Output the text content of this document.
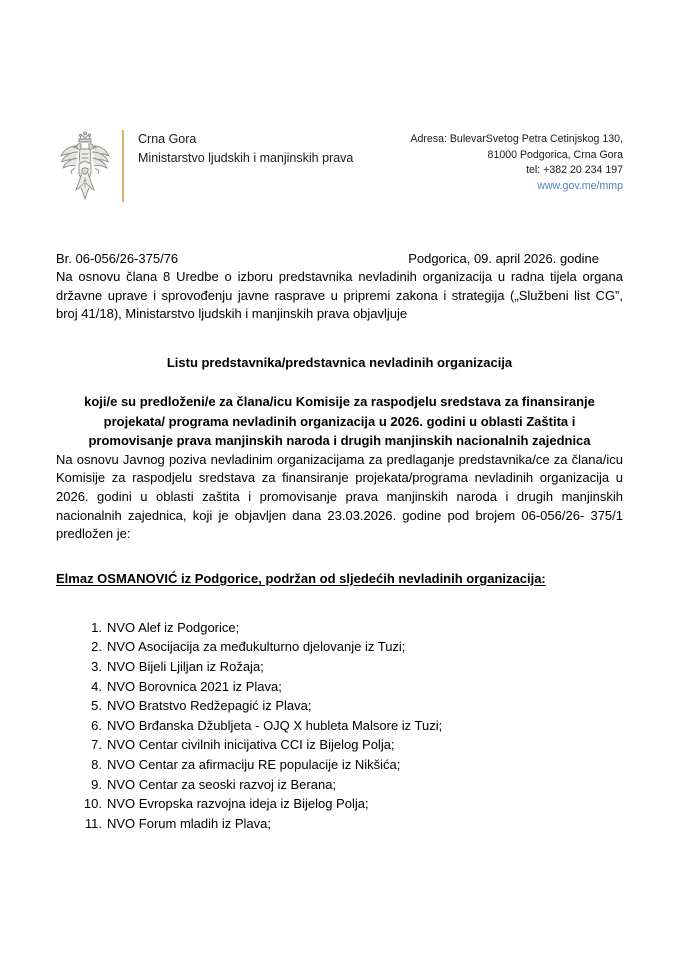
Crna Gora
Ministarstvo ljudskih i manjinskih prava
Adresa: BulevarSvetog Petra Cetinjskog 130,
81000 Podgorica, Crna Gora
tel: +382 20 234 197
www.gov.me/mmp
Br. 06-056/26-375/76	Podgorica, 09. april 2026. godine

Na osnovu člana 8 Uredbe o izboru predstavnika nevladinih organizacija u radna tijela organa državne uprave i sprovođenju javne rasprave u pripremi zakona i strategija („Službeni list CG”, broj 41/18), Ministarstvo ljudskih i manjinskih prava objavljuje

Listu predstavnika/predstavnica nevladinih organizacija
koji/e su predloženi/e za člana/icu Komisije za raspodjelu sredstava za finansiranje projekata/ programa nevladinih organizacija u 2026. godini u oblasti Zaštita i promovisanje prava manjinskih naroda i drugih manjinskih nacionalnih zajednica

Na osnovu Javnog poziva nevladinim organizacijama za predlaganje predstavnika/ce za člana/icu Komisije za raspodjelu sredstava za finansiranje projekata/programa nevladinih organizacija u 2026. godini u oblasti zaštita i promovisanje prava manjinskih naroda i drugih manjinskih nacionalnih zajednica, koji je objavljen dana 23.03.2026. godine pod brojem 06-056/26- 375/1 predložen je:

Elmaz OSMANOVIĆ iz Podgorice, podržan od sljedećih nevladinih organizacija:
1. NVO Alef iz Podgorice;
2. NVO Asocijacija za međukulturno djelovanje iz Tuzi;
3. NVO Bijeli Ljiljan iz Rožaja;
4. NVO Borovnica 2021 iz Plava;
5. NVO Bratstvo Redžepagić iz Plava;
6. NVO Brđanska Džubljeta - OJQ X hubleta Malsore iz Tuzi;
7. NVO Centar civilnih inicijativa CCI iz Bijelog Polja;
8. NVO Centar za afirmaciju RE populacije iz Nikšića;
9. NVO Centar za seoski razvoj iz Berana;
10. NVO Evropska razvojna ideja iz Bijelog Polja;
11. NVO Forum mladih iz Plava;
